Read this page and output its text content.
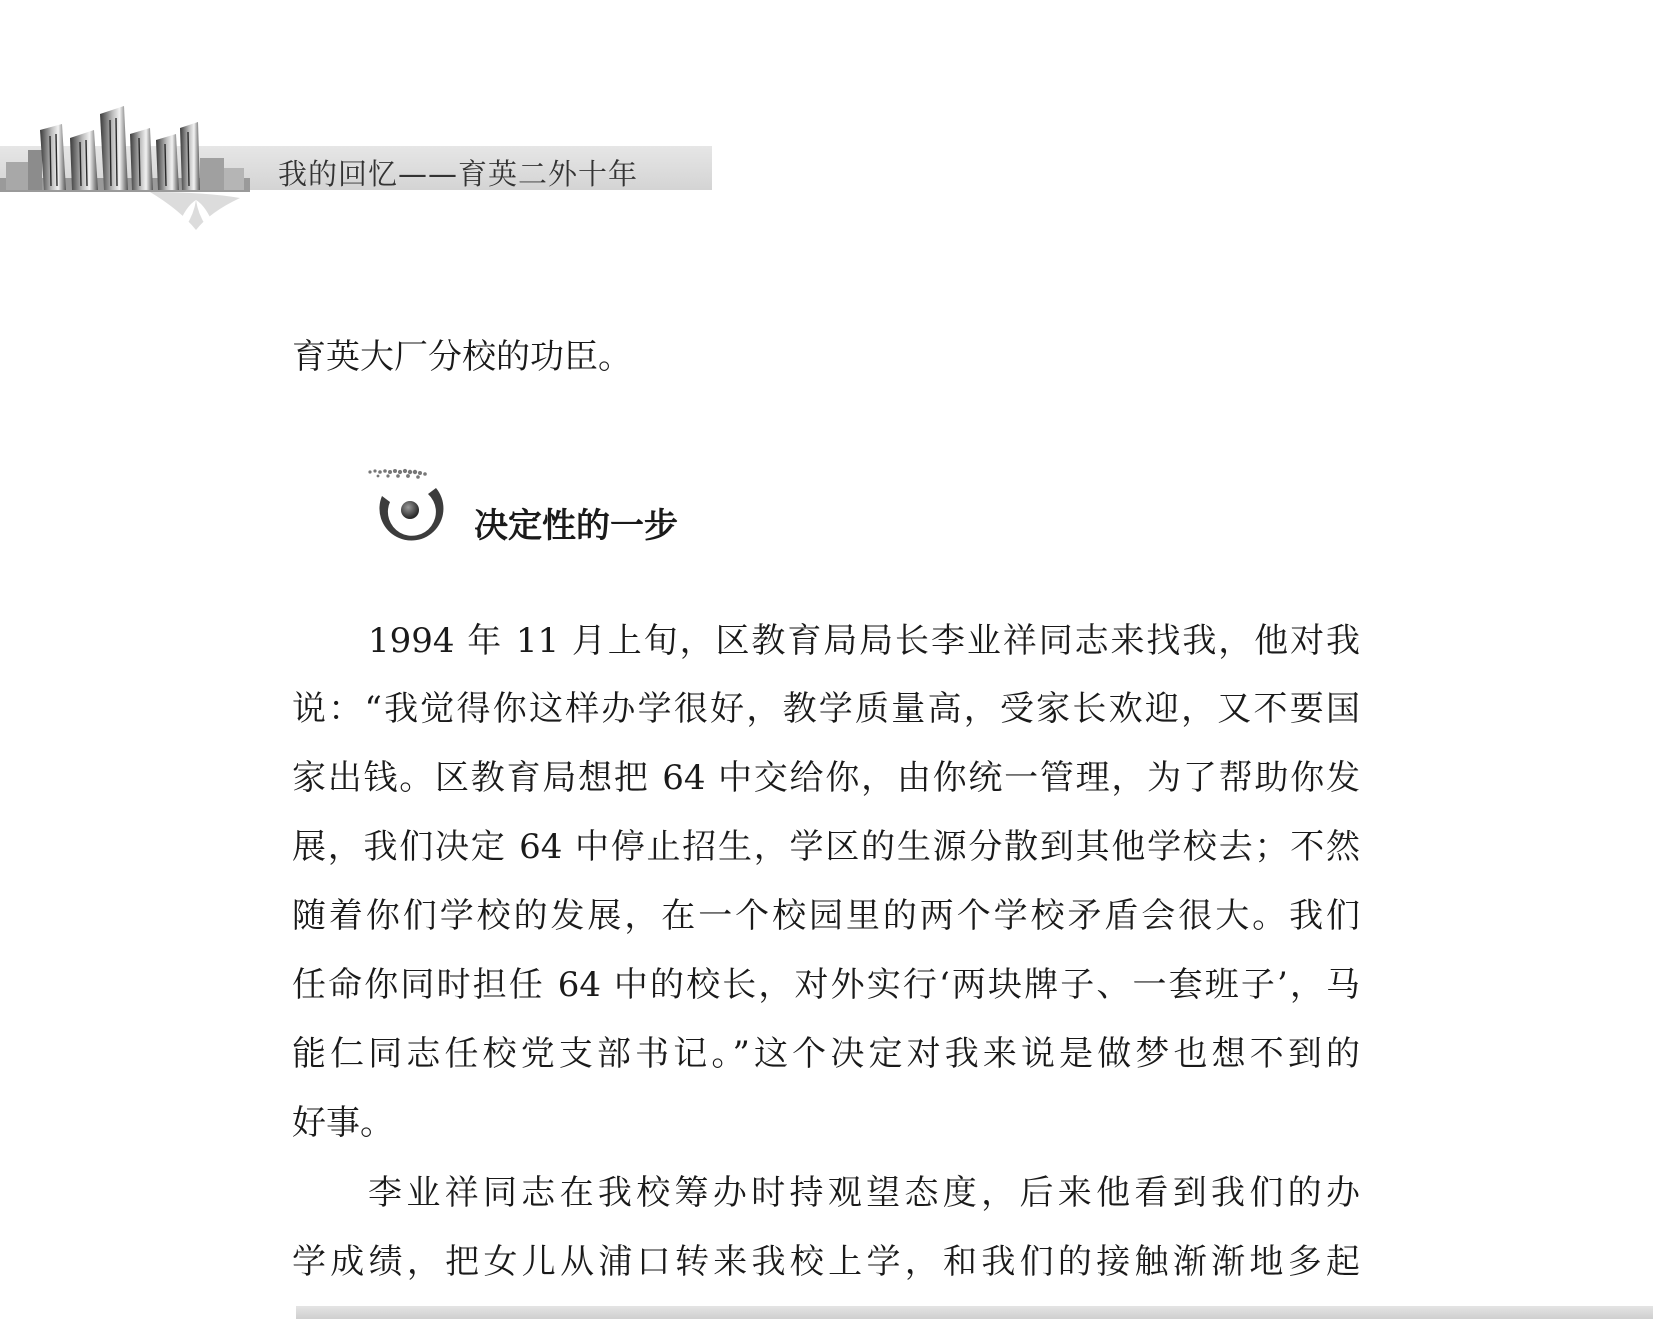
我的回忆——育英二外十年
育英大厂分校的功臣。
决定性的一步
1994 年 11 月上旬，区教育局局长李业祥同志来找我，他对我
说：“我觉得你这样办学很好，教学质量高，受家长欢迎，又不要国
家出钱。区教育局想把 64 中交给你，由你统一管理，为了帮助你发
展，我们决定 64 中停止招生，学区的生源分散到其他学校去；不然
随着你们学校的发展，在一个校园里的两个学校矛盾会很大。我们
任命你同时担任 64 中的校长，对外实行‘两块牌子、一套班子’，马
能仁同志任校党支部书记。”这个决定对我来说是做梦也想不到的
好事。
李业祥同志在我校筹办时持观望态度，后来他看到我们的办
学成绩，把女儿从浦口转来我校上学，和我们的接触渐渐地多起
